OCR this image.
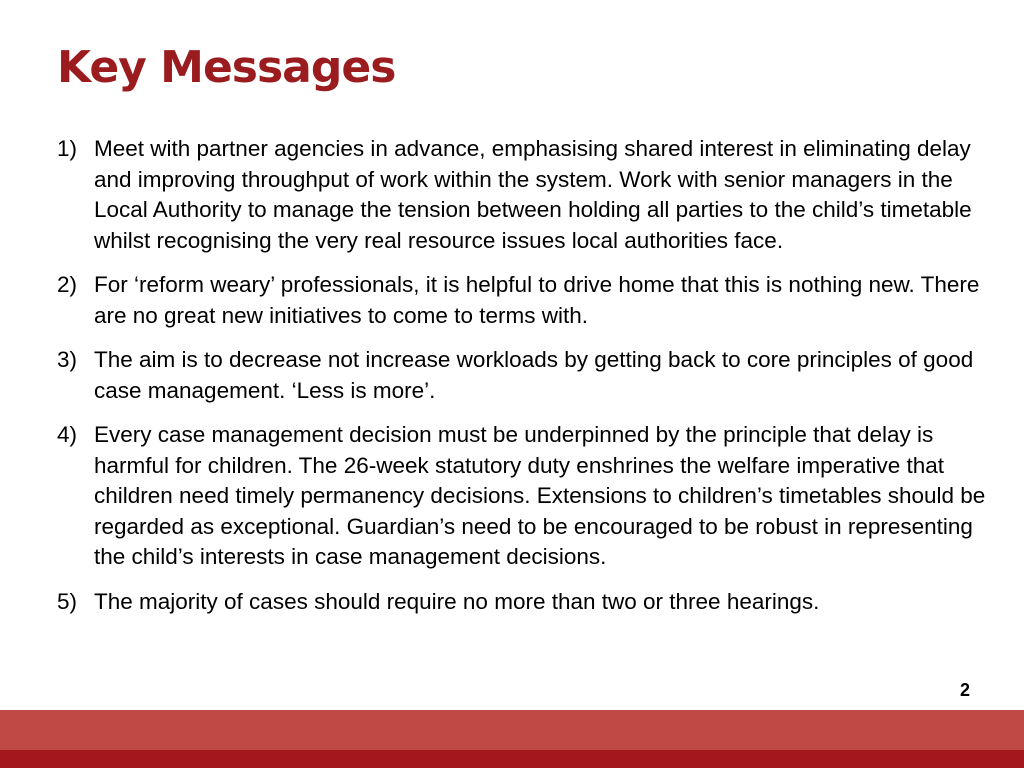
Key Messages
1) Meet with partner agencies in advance, emphasising shared interest in eliminating delay and improving throughput of work within the system. Work with senior managers in the Local Authority to manage the tension between holding all parties to the child’s timetable whilst recognising the very real resource issues local authorities face.
2) For ‘reform weary’ professionals, it is helpful to drive home that this is nothing new. There are no great new initiatives to come to terms with.
3) The aim is to decrease not increase workloads by getting back to core principles of good case management. ‘Less is more’.
4) Every case management decision must be underpinned by the principle that delay is harmful for children. The 26-week statutory duty enshrines the welfare imperative that children need timely permanency decisions. Extensions to children’s timetables should be regarded as exceptional. Guardian’s need to be encouraged to be robust in representing the child’s interests in case management decisions.
5) The majority of cases should require no more than two or three hearings.
2
